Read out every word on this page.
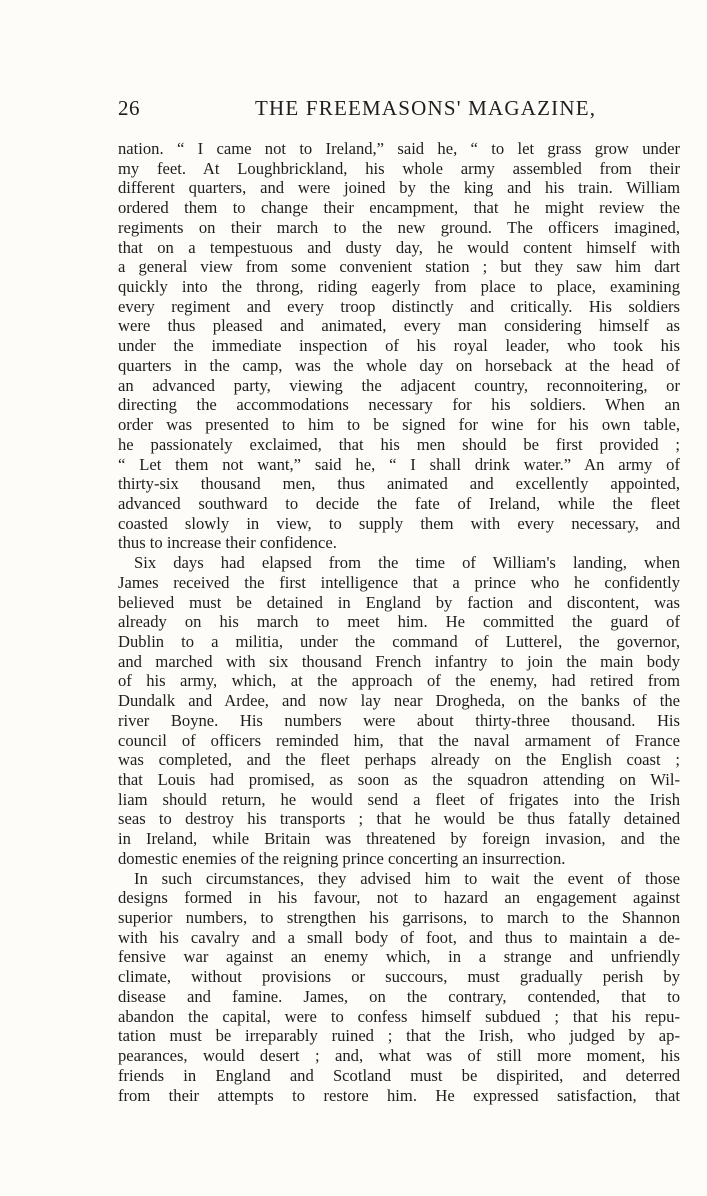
26	THE FREEMASONS' MAGAZINE,
nation. “ I came not to Ireland,” said he, “ to let grass grow under
my feet. At Loughbrickland, his whole army assembled from their
different quarters, and were joined by the king and his train. William
ordered them to change their encampment, that he might review the
regiments on their march to the new ground. The officers imagined,
that on a tempestuous and dusty day, he would content himself with
a general view from some convenient station ; but they saw him dart
quickly into the throng, riding eagerly from place to place, examining
every regiment and every troop distinctly and critically. His soldiers
were thus pleased and animated, every man considering himself as
under the immediate inspection of his royal leader, who took his
quarters in the camp, was the whole day on horseback at the head of
an advanced party, viewing the adjacent country, reconnoitering, or
directing the accommodations necessary for his soldiers. When an
order was presented to him to be signed for wine for his own table,
he passionately exclaimed, that his men should be first provided ;
“ Let them not want,” said he, “ I shall drink water.” An army of
thirty-six thousand men, thus animated and excellently appointed,
advanced southward to decide the fate of Ireland, while the fleet
coasted slowly in view, to supply them with every necessary, and
thus to increase their confidence.
Six days had elapsed from the time of William's landing, when
James received the first intelligence that a prince who he confidently
believed must be detained in England by faction and discontent, was
already on his march to meet him. He committed the guard of
Dublin to a militia, under the command of Lutterel, the governor,
and marched with six thousand French infantry to join the main body
of his army, which, at the approach of the enemy, had retired from
Dundalk and Ardee, and now lay near Drogheda, on the banks of the
river Boyne. His numbers were about thirty-three thousand. His
council of officers reminded him, that the naval armament of France
was completed, and the fleet perhaps already on the English coast ;
that Louis had promised, as soon as the squadron attending on Wil-
liam should return, he would send a fleet of frigates into the Irish
seas to destroy his transports ; that he would be thus fatally detained
in Ireland, while Britain was threatened by foreign invasion, and the
domestic enemies of the reigning prince concerting an insurrection.
In such circumstances, they advised him to wait the event of those
designs formed in his favour, not to hazard an engagement against
superior numbers, to strengthen his garrisons, to march to the Shannon
with his cavalry and a small body of foot, and thus to maintain a de-
fensive war against an enemy which, in a strange and unfriendly
climate, without provisions or succours, must gradually perish by
disease and famine. James, on the contrary, contended, that to
abandon the capital, were to confess himself subdued ; that his repu-
tation must be irreparably ruined ; that the Irish, who judged by ap-
pearances, would desert ; and, what was of still more moment, his
friends in England and Scotland must be dispirited, and deterred
from their attempts to restore him. He expressed satisfaction, that
